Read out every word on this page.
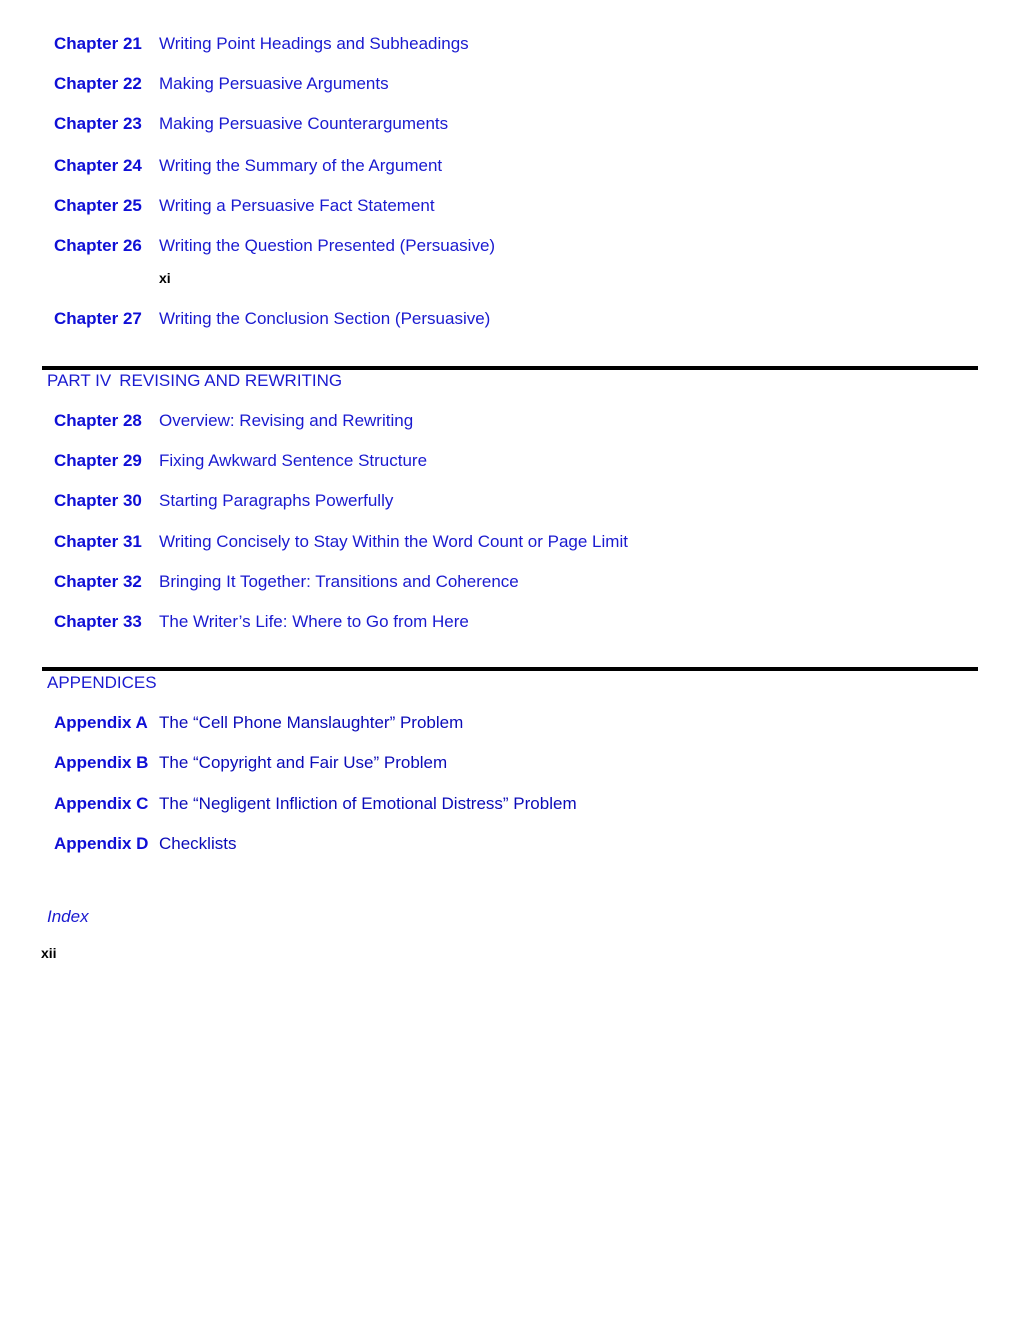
Chapter 21	Writing Point Headings and Subheadings
Chapter 22	Making Persuasive Arguments
Chapter 23	Making Persuasive Counterarguments
Chapter 24	Writing the Summary of the Argument
Chapter 25	Writing a Persuasive Fact Statement
Chapter 26	Writing the Question Presented (Persuasive)
xi
Chapter 27	Writing the Conclusion Section (Persuasive)
PART IV REVISING AND REWRITING
Chapter 28	Overview: Revising and Rewriting
Chapter 29	Fixing Awkward Sentence Structure
Chapter 30	Starting Paragraphs Powerfully
Chapter 31	Writing Concisely to Stay Within the Word Count or Page Limit
Chapter 32	Bringing It Together: Transitions and Coherence
Chapter 33	The Writer’s Life: Where to Go from Here
APPENDICES
Appendix A The “Cell Phone Manslaughter” Problem
Appendix B The “Copyright and Fair Use” Problem
Appendix C The “Negligent Infliction of Emotional Distress” Problem
Appendix D Checklists
Index
xii
